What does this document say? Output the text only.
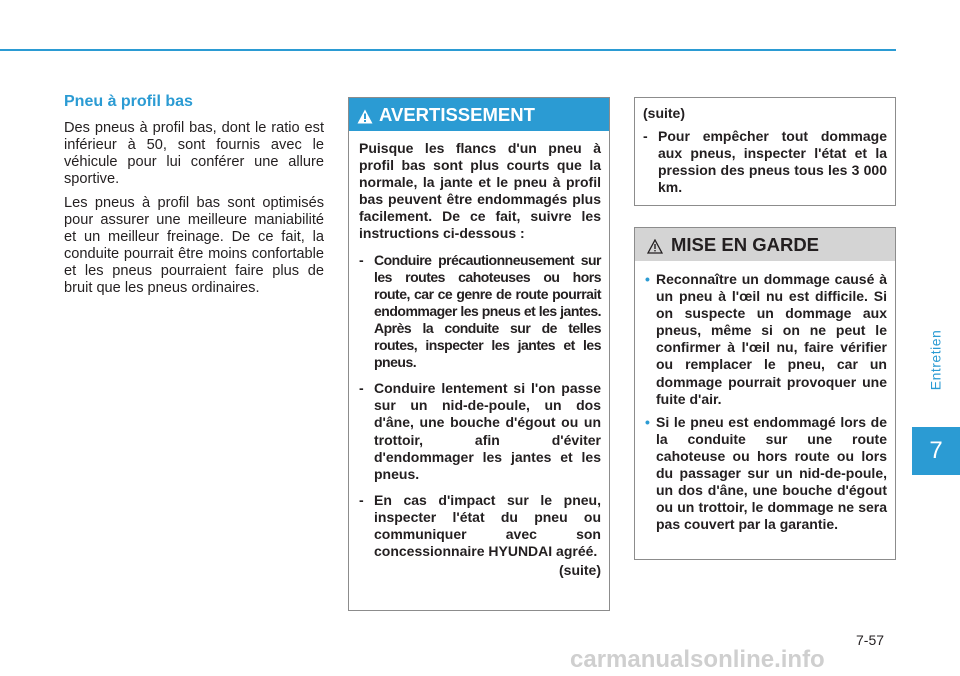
Pneu à profil bas

Des pneus à profil bas, dont le ratio est inférieur à 50, sont fournis avec le véhicule pour lui conférer une allure sportive.

Les pneus à profil bas sont optimisés pour assurer une meilleure maniabilité et un meilleur freinage. De ce fait, la conduite pourrait être moins confortable et les pneus pourraient faire plus de bruit que les pneus ordinaires.

AVERTISSEMENT

Puisque les flancs d'un pneu à profil bas sont plus courts que la normale, la jante et le pneu à profil bas peuvent être endommagés plus facilement. De ce fait, suivre les instructions ci-dessous :

- Conduire précautionneusement sur les routes cahoteuses ou hors route, car ce genre de route pourrait endommager les pneus et les jantes. Après la conduite sur de telles routes, inspecter les jantes et les pneus.
- Conduire lentement si l'on passe sur un nid-de-poule, un dos d'âne, une bouche d'égout ou un trottoir, afin d'éviter d'endommager les jantes et les pneus.
- En cas d'impact sur le pneu, inspecter l'état du pneu ou communiquer avec son concessionnaire HYUNDAI agréé.
(suite)
(suite)
- Pour empêcher tout dommage aux pneus, inspecter l'état et la pression des pneus tous les 3 000 km.
MISE EN GARDE
• Reconnaître un dommage causé à un pneu à l'œil nu est difficile. Si on suspecte un dommage aux pneus, même si on ne peut le confirmer à l'œil nu, faire vérifier ou remplacer le pneu, car un dommage pourrait provoquer une fuite d'air.
• Si le pneu est endommagé lors de la conduite sur une route cahoteuse ou hors route ou lors du passager sur un nid-de-poule, un dos d'âne, une bouche d'égout ou un trottoir, le dommage ne sera pas couvert par la garantie.
Entretien
7
7-57
carmanualsonline.info
